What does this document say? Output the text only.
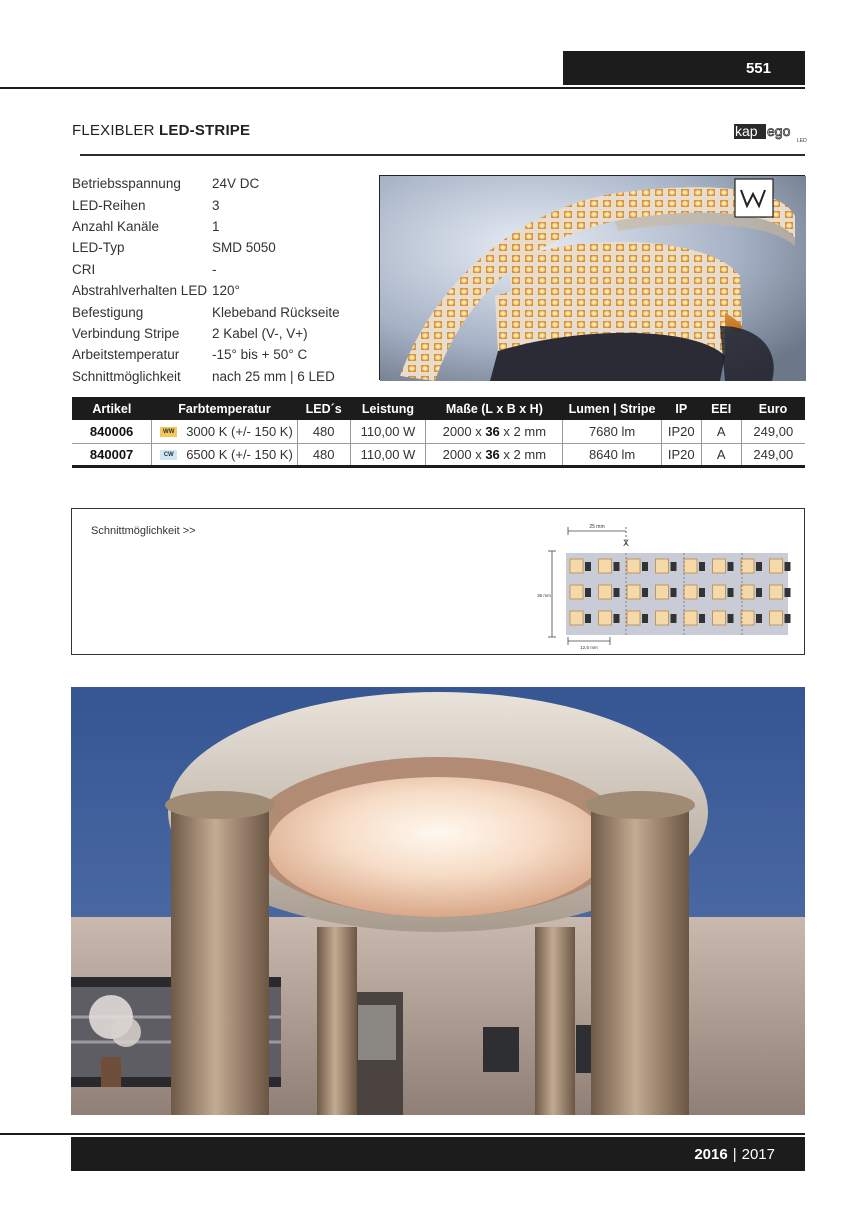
551
FLEXIBLER LED-STRIPE	kap ego
LED
Betriebsspannung	24V DC
LED-Reihen	3
Anzahl Kanäle	1
LED-Typ	SMD 5050
CRI	-
Abstrahlverhalten LED 120°
Befestigung	Klebeband Rückseite
Verbindung Stripe	2 Kabel (V-, V+)
Arbeitstemperatur	-15° bis + 50° C
Schnittmöglichkeit	nach 25 mm | 6 LED
Artikel	Farbtemperatur	LED´s	Leistung	Maße (L x B x H)	Lumen | Stripe	IP	EEI	Euro
840006	WW 3000 K (+/- 150 K)	480	110,00 W	2000 x 36 x 2 mm	7680 lm	IP20	A	249,00
840007	CW 6500 K (+/- 150 K)	480	110,00 W	2000 x 36 x 2 mm	8640 lm	IP20	A	249,00
Schnittmöglichkeit >>	25 mm
X
36 mm
12,5 mm
2016 | 2017
